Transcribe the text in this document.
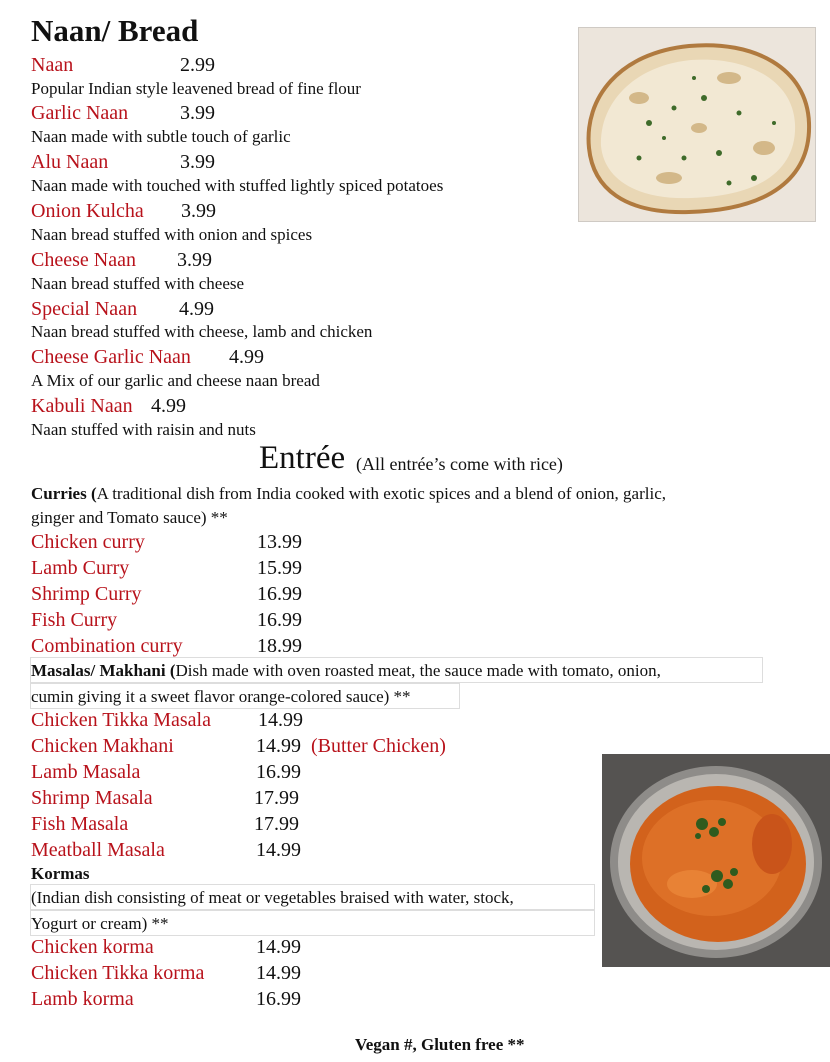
Naan/ Bread
Naan	2.99
Popular Indian style leavened bread of fine flour
Garlic Naan	3.99
Naan made with subtle touch of garlic
Alu Naan	3.99
Naan made with touched with stuffed lightly spiced potatoes
Onion Kulcha 3.99
Naan bread stuffed with onion and spices
Cheese Naan 3.99
Naan bread stuffed with cheese
Special Naan 4.99
Naan bread stuffed with cheese, lamb and chicken
Cheese Garlic Naan 4.99
A Mix of our garlic and cheese naan bread
Kabuli Naan 4.99
Naan stuffed with raisin and nuts
Entrée (All entrée’s come with rice)
Curries (A traditional dish from India cooked with exotic spices and a blend of onion, garlic,
ginger and Tomato sauce) **
Chicken curry	13.99
Lamb Curry	15.99
Shrimp Curry	16.99
Fish Curry	16.99
Combination curry	18.99
Masalas/ Makhani (Dish made with oven roasted meat, the sauce made with tomato, onion,
cumin giving it a sweet flavor orange-colored sauce) **
Chicken Tikka Masala 14.99
Chicken Makhani	14.99 (Butter Chicken)
Lamb Masala	16.99
Shrimp Masala	17.99
Fish Masala	17.99
Meatball Masala	14.99
Kormas
(Indian dish consisting of meat or vegetables braised with water, stock,
Yogurt or cream) **
Chicken korma	14.99
Chicken Tikka korma	14.99
Lamb korma	16.99
Vegan #, Gluten free **
